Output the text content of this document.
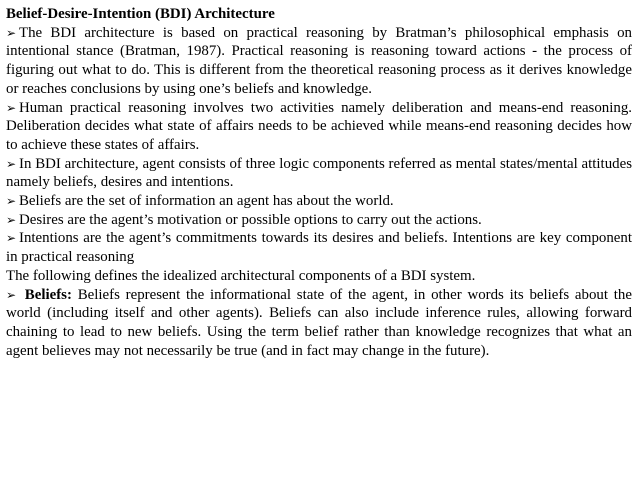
Belief-Desire-Intention (BDI) Architecture

➢ The BDI architecture is based on practical reasoning by Bratman’s philosophical emphasis on intentional stance (Bratman, 1987). Practical reasoning is reasoning toward actions - the process of figuring out what to do. This is different from the theoretical reasoning process as it derives knowledge or reaches conclusions by using one’s beliefs and knowledge.

➢ Human practical reasoning involves two activities namely deliberation and means-end reasoning. Deliberation decides what state of affairs needs to be achieved while means-end reasoning decides how to achieve these states of affairs.

➢ In BDI architecture, agent consists of three logic components referred as mental states/mental attitudes namely beliefs, desires and intentions.

➢ Beliefs are the set of information an agent has about the world.

➢ Desires are the agent’s motivation or possible options to carry out the actions.

➢ Intentions are the agent’s commitments towards its desires and beliefs. Intentions are key component in practical reasoning

The following defines the idealized architectural components of a BDI system.

➢ Beliefs: Beliefs represent the informational state of the agent, in other words its beliefs about the world (including itself and other agents). Beliefs can also include inference rules, allowing forward chaining to lead to new beliefs. Using the term belief rather than knowledge recognizes that what an agent believes may not necessarily be true (and in fact may change in the future).
